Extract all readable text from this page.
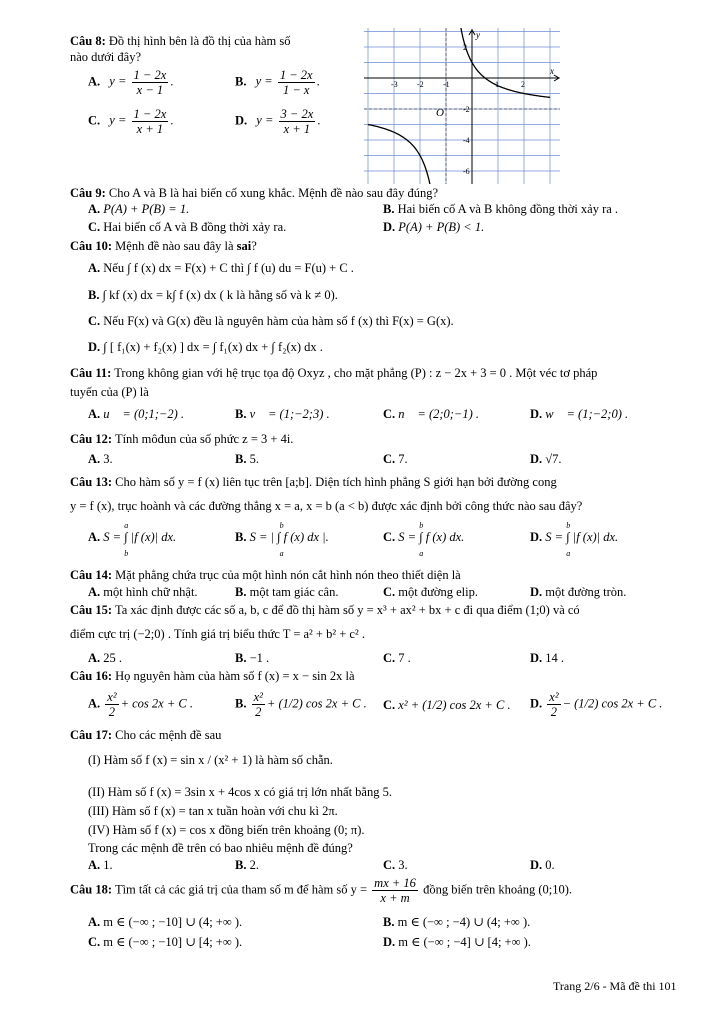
Câu 8: Đồ thị hình bên là đồ thị của hàm số
nào dưới đây?
A. $y = \frac{1 - 2x}{x - 1}$ .	B. $y = \frac{1 - 2x}{1 - x}$ .
C. $y = \frac{1 - 2x}{x + 1}$ .	D. $y = \frac{3 - 2x}{x + 1}$ .
-3 -2 -1	1	2
2
-2
-4
-6
x
y
O
Câu 9: Cho A và B là hai biến cố xung khắc. Mệnh đề nào sau đây đúng?
A. P(A) + P(B) = 1.	B. Hai biến cố A và B không đồng thời xảy ra .
C. Hai biến cố A và B đồng thời xảy ra.	D. P(A) + P(B) < 1.
Câu 10: Mệnh đề nào sau đây là sai?
A. Nếu ∫ f (x) dx = F(x) + C thì ∫ f (u) du = F(u) + C .
B. ∫ kf (x) dx = k∫ f (x) dx ( k là hằng số và k ≠ 0).
C. Nếu F(x) và G(x) đều là nguyên hàm của hàm số f (x) thì F(x) = G(x).
D. ∫ [ f₁(x) + f₂(x) ] dx = ∫ f₁(x) dx + ∫ f₂(x) dx .
Câu 11: Trong không gian với hệ trục tọa độ Oxyz , cho mặt phẳng (P) : z − 2x + 3 = 0 . Một véc tơ pháp
tuyến của (P) là
A. u⃗ = (0;1;−2) .	B. v⃗ = (1;−2;3) .	C. n⃗ = (2;0;−1) .	D. w⃗ = (1;−2;0) .
Câu 12: Tính môđun của số phức z = 3 + 4i.
A. 3.	B. 5.	C. 7.	D. √7.
Câu 13: Cho hàm số y = f (x) liên tục trên [a;b]. Diện tích hình phẳng S giới hạn bởi đường cong
y = f (x), trục hoành và các đường thẳng x = a, x = b (a < b) được xác định bởi công thức nào sau đây?
A. S = ∫ |f (x)| dx.
a
b
B. S = | ∫ f (x) dx |.
b
a
C. S = ∫ f (x) dx.
b
a
D. S = ∫ |f (x)| dx.
b
a
Câu 14: Mặt phẳng chứa trục của một hình nón cắt hình nón theo thiết diện là
A. một hình chữ nhật.	B. một tam giác cân.	C. một đường elip.	D. một đường tròn.
Câu 15: Ta xác định được các số a, b, c để đồ thị hàm số y = x³ + ax² + bx + c đi qua điểm (1;0) và có
điểm cực trị (−2;0) . Tính giá trị biểu thức T = a² + b² + c² .
A. 25 .	B. −1 .	C. 7 .	D. 14 .
Câu 16: Họ nguyên hàm của hàm số f (x) = x − sin 2x là
A. $\frac{\text{x²}}{2} + \cos 2x + C$ .	B. $\frac{\text{x²}}{2} + (1/2)$ cos 2x + C . C. x² + (1/2) cos 2x + C . D. $\frac{\text{x²}}{2} - (1/2)$ cos 2x + C .
Câu 17: Cho các mệnh đề sau
(I) Hàm số f (x) = sin x / (x² + 1) là hàm số chẵn.
(II) Hàm số f (x) = 3sin x + 4cos x có giá trị lớn nhất bằng 5.
(III) Hàm số f (x) = tan x tuần hoàn với chu kì 2π.
(IV) Hàm số f (x) = cos x đồng biến trên khoảng (0; π).
Trong các mệnh đề trên có bao nhiêu mệnh đề đúng?
A. 1.	B. 2.	C. 3.	D. 0.
Câu 18: Tìm tất cả các giá trị của tham số m để hàm số $y = \frac{mx + 16}{x + m}$ đồng biến trên khoảng (0;10).
A. m ∈ (−∞ ; −10] ∪ (4; +∞ ).	B. m ∈ (−∞ ; −4) ∪ (4; +∞ ).
C. m ∈ (−∞ ; −10] ∪ [4; +∞ ).	D. m ∈ (−∞ ; −4] ∪ [4; +∞ ).
Trang 2/6 - Mã đề thi 101
